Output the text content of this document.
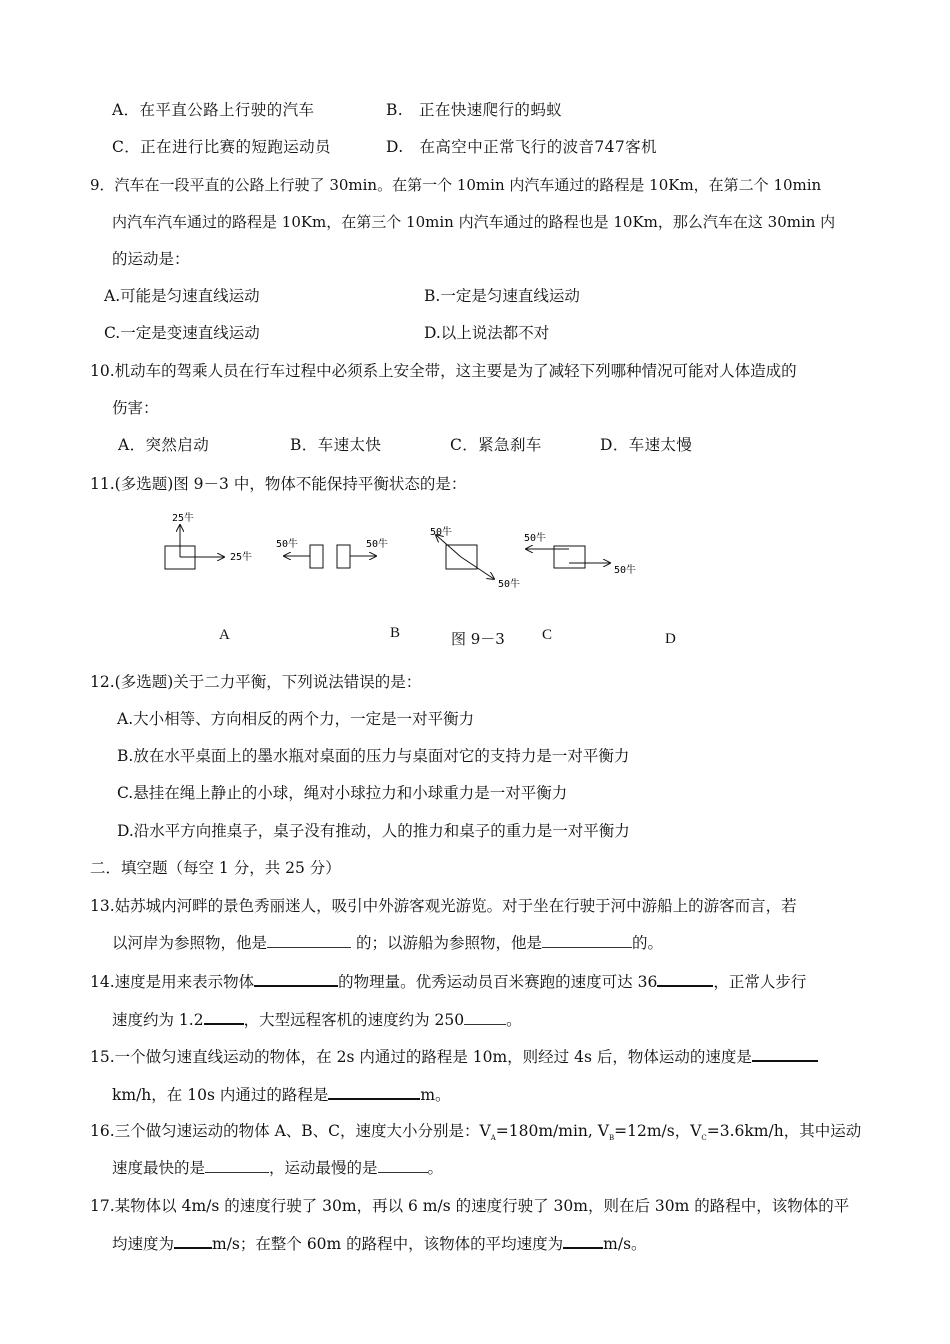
A．在平直公路上行驶的汽车	B.　正在快速爬行的蚂蚁
C．正在进行比赛的短跑运动员	D.　在高空中正常飞行的波音747客机
9．汽车在一段平直的公路上行驶了 30min。在第一个 10min 内汽车通过的路程是 10Km，在第二个 10min
内汽车汽车通过的路程是 10Km，在第三个 10min 内汽车通过的路程也是 10Km，那么汽车在这 30min 内
的运动是：
A.可能是匀速直线运动	B.一定是匀速直线运动
C.一定是变速直线运动	D.以上说法都不对
10.机动车的驾乘人员在行车过程中必须系上安全带，这主要是为了减轻下列哪种情况可能对人体造成的
伤害：
A．突然启动	B．车速太快	C．紧急刹车	D．车速太慢
11.(多选题)图 9－3 中，物体不能保持平衡状态的是：
25牛
25牛
50牛	50牛
50牛
50牛
50牛
50牛
A	B	图 9－3 C	D
12.(多选题)关于二力平衡，下列说法错误的是：
A.大小相等、方向相反的两个力，一定是一对平衡力
B.放在水平桌面上的墨水瓶对桌面的压力与桌面对它的支持力是一对平衡力
C.悬挂在绳上静止的小球，绳对小球拉力和小球重力是一对平衡力
D.沿水平方向推桌子，桌子没有推动，人的推力和桌子的重力是一对平衡力
二．填空题（每空 1 分，共 25 分）
13.姑苏城内河畔的景色秀丽迷人，吸引中外游客观光游览。对于坐在行驶于河中游船上的游客而言，若
以河岸为参照物，他是	的；以游船为参照物，他是	的。
14.速度是用来表示物体	的物理量。优秀运动员百米赛跑的速度可达 36	，正常人步行
速度约为 1.2	，大型远程客机的速度约为 250	。
15.一个做匀速直线运动的物体，在 2s 内通过的路程是 10m，则经过 4s 后，物体运动的速度是
km/h，在 10s 内通过的路程是	m。
16.三个做匀速运动的物体 A、B、C，速度大小分别是：$V_A=180m/\min$, $V_B=12m/s$，$V_C=3.6km/h$，其中运动
速度最快的是	，运动最慢的是	。
17.某物体以 4m/s 的速度行驶了 30m，再以 6 m/s 的速度行驶了 30m，则在后 30m 的路程中，该物体的平
均速度为 m/s；在整个 60m 的路程中，该物体的平均速度为	m/s。
